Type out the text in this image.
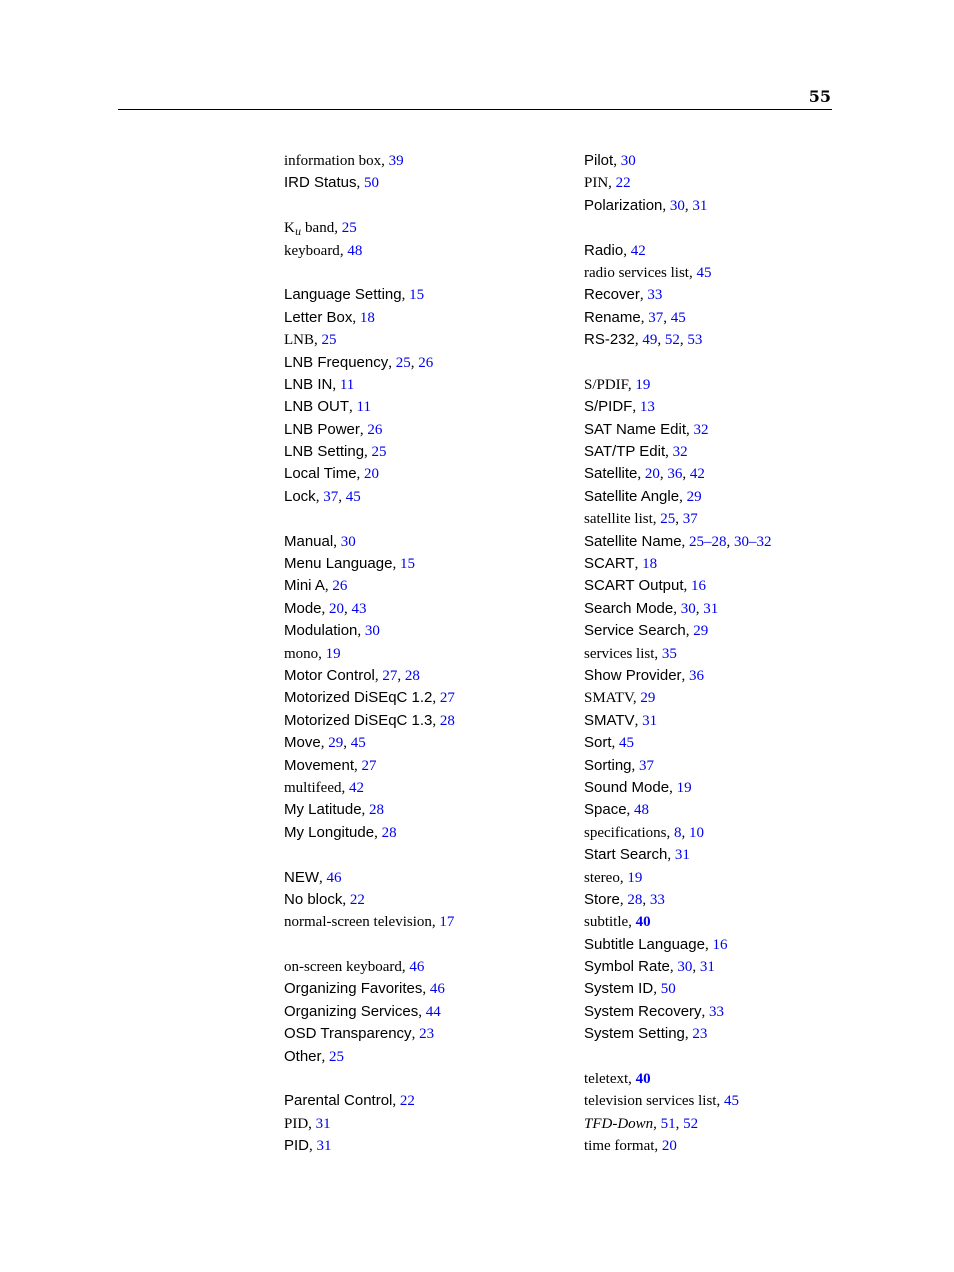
55
information box, 39
IRD Status, 50
$K_u$ band, 25
keyboard, 48
Language Setting, 15
Letter Box, 18
LNB, 25
LNB Frequency, 25, 26
LNB IN, 11
LNB OUT, 11
LNB Power, 26
LNB Setting, 25
Local Time, 20
Lock, 37, 45
Manual, 30
Menu Language, 15
Mini A, 26
Mode, 20, 43
Modulation, 30
mono, 19
Motor Control, 27, 28
Motorized DiSEqC 1.2, 27
Motorized DiSEqC 1.3, 28
Move, 29, 45
Movement, 27
multifeed, 42
My Latitude, 28
My Longitude, 28
NEW, 46
No block, 22
normal-screen television, 17
on-screen keyboard, 46
Organizing Favorites, 46
Organizing Services, 44
OSD Transparency, 23
Other, 25
Parental Control, 22
PID, 31
PID, 31
Pilot, 30
PIN, 22
Polarization, 30, 31
Radio, 42
radio services list, 45
Recover, 33
Rename, 37, 45
RS-232, 49, 52, 53
S/PDIF, 19
S/PIDF, 13
SAT Name Edit, 32
SAT/TP Edit, 32
Satellite, 20, 36, 42
Satellite Angle, 29
satellite list, 25, 37
Satellite Name, 25–28, 30–32
SCART, 18
SCART Output, 16
Search Mode, 30, 31
Service Search, 29
services list, 35
Show Provider, 36
SMATV, 29
SMATV, 31
Sort, 45
Sorting, 37
Sound Mode, 19
Space, 48
specifications, 8, 10
Start Search, 31
stereo, 19
Store, 28, 33
subtitle, 40
Subtitle Language, 16
Symbol Rate, 30, 31
System ID, 50
System Recovery, 33
System Setting, 23
teletext, 40
television services list, 45
TFD-Down, 51, 52
time format, 20
